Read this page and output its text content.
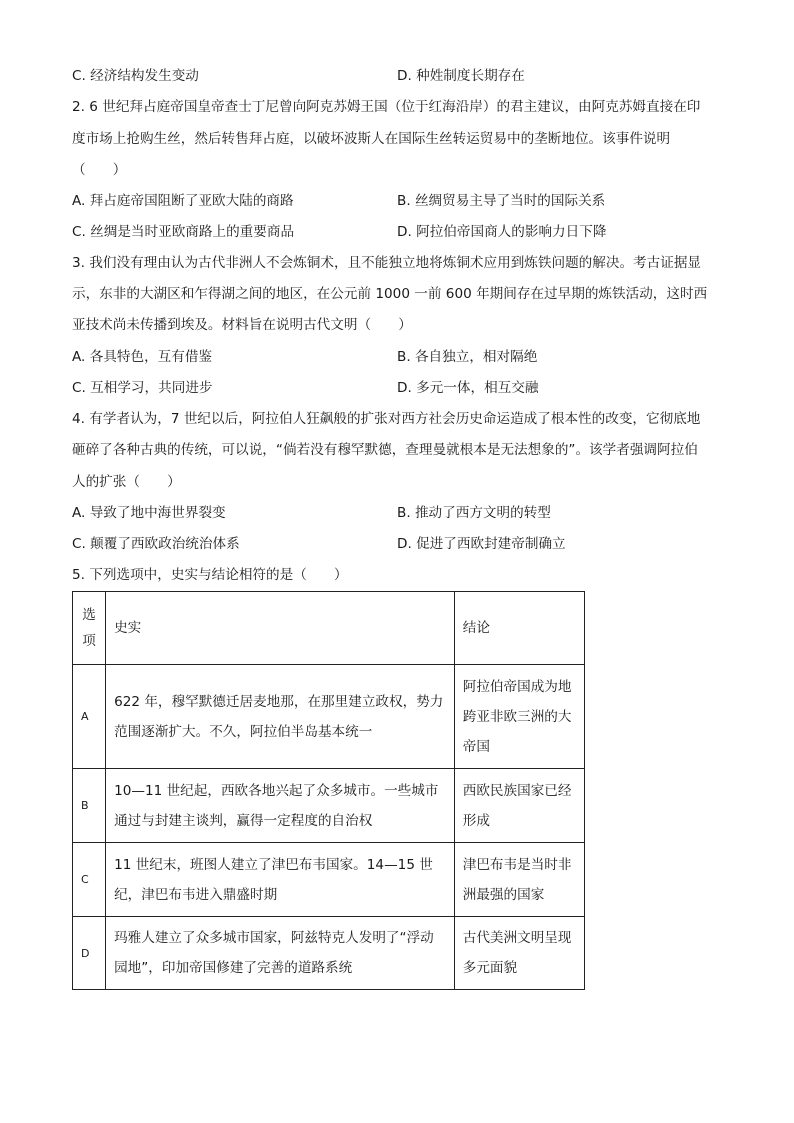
C. 经济结构发生变动	D. 种姓制度长期存在
2. 6 世纪拜占庭帝国皇帝查士丁尼曾向阿克苏姆王国（位于红海沿岸）的君主建议，由阿克苏姆直接在印
度市场上抢购生丝，然后转售拜占庭，以破坏波斯人在国际生丝转运贸易中的垄断地位。该事件说明
（　　）
A. 拜占庭帝国阻断了亚欧大陆的商路	B. 丝绸贸易主导了当时的国际关系
C. 丝绸是当时亚欧商路上的重要商品	D. 阿拉伯帝国商人的影响力日下降
3. 我们没有理由认为古代非洲人不会炼铜术，且不能独立地将炼铜术应用到炼铁问题的解决。考古证据显
示，东非的大湖区和乍得湖之间的地区，在公元前 1000 一前 600 年期间存在过早期的炼铁活动，这时西
亚技术尚未传播到埃及。材料旨在说明古代文明（　　）
A. 各具特色，互有借鉴	B. 各自独立，相对隔绝
C. 互相学习，共同进步	D. 多元一体，相互交融
4. 有学者认为，7 世纪以后，阿拉伯人狂飙般的扩张对西方社会历史命运造成了根本性的改变，它彻底地
砸碎了各种古典的传统，可以说，“倘若没有穆罕默德，查理曼就根本是无法想象的”。该学者强调阿拉伯
人的扩张（　　）
A. 导致了地中海世界裂变	B. 推动了西方文明的转型
C. 颠覆了西欧政治统治体系	D. 促进了西欧封建帝制确立
5. 下列选项中，史实与结论相符的是（　　）
选
项	史实	结论
A	622 年，穆罕默德迁居麦地那，在那里建立政权，势力范围逐渐扩大。不久，阿拉伯半岛基本统一	阿拉伯帝国成为地跨亚非欧三洲的大帝国
B	10—11 世纪起，西欧各地兴起了众多城市。一些城市通过与封建主谈判，赢得一定程度的自治权	西欧民族国家已经形成
C	11 世纪末，班图人建立了津巴布韦国家。14—15 世纪，津巴布韦进入鼎盛时期	津巴布韦是当时非洲最强的国家
D	玛雅人建立了众多城市国家，阿兹特克人发明了“浮动园地”，印加帝国修建了完善的道路系统	古代美洲文明呈现多元面貌
